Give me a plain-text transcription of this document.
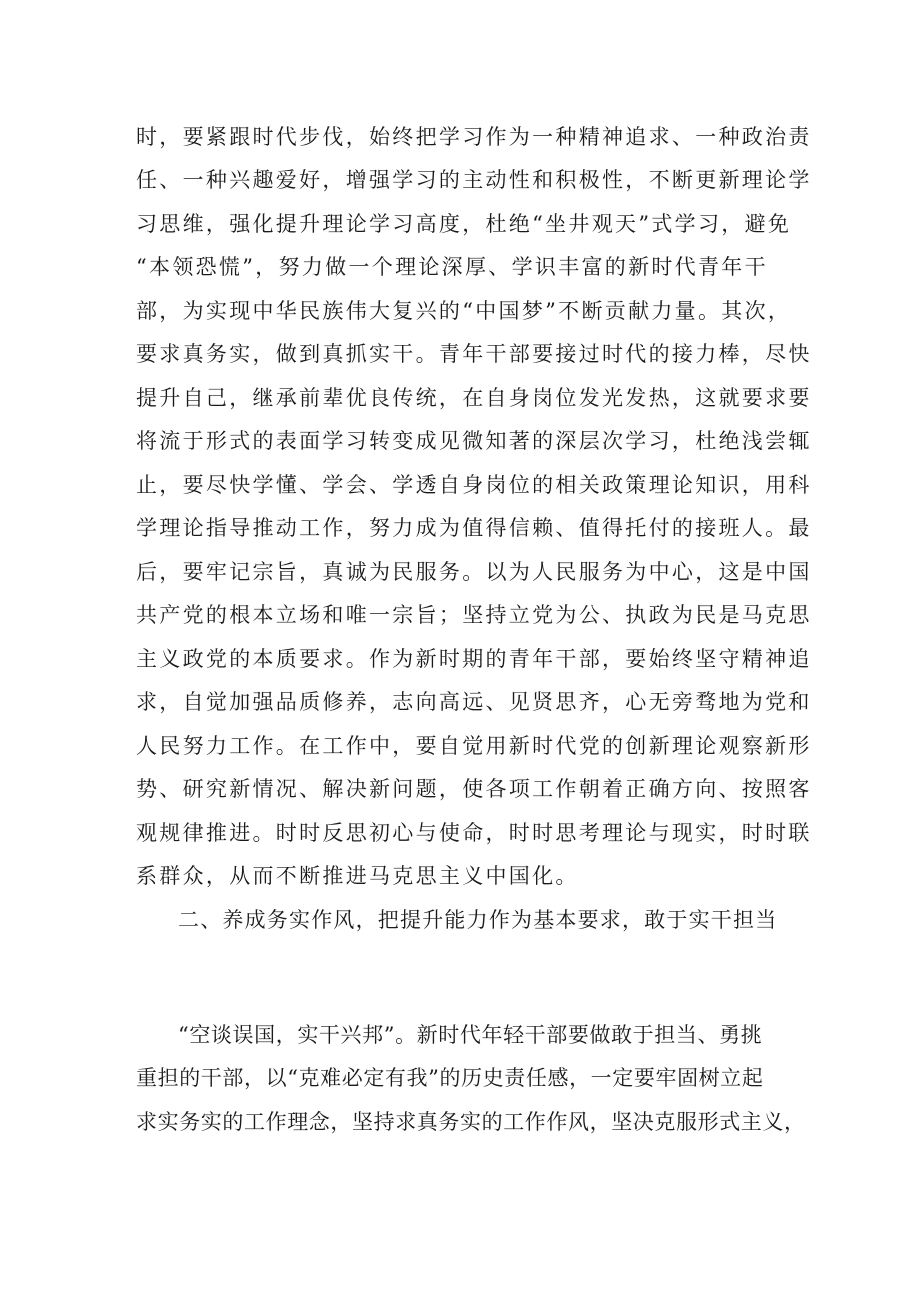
时，要紧跟时代步伐，始终把学习作为一种精神追求、一种政治责
任、一种兴趣爱好，增强学习的主动性和积极性，不断更新理论学
习思维，强化提升理论学习高度，杜绝“坐井观天”式学习，避免
“本领恐慌”，努力做一个理论深厚、学识丰富的新时代青年干
部，为实现中华民族伟大复兴的“中国梦”不断贡献力量。其次，
要求真务实，做到真抓实干。青年干部要接过时代的接力棒，尽快
提升自己，继承前辈优良传统，在自身岗位发光发热，这就要求要
将流于形式的表面学习转变成见微知著的深层次学习，杜绝浅尝辄
止，要尽快学懂、学会、学透自身岗位的相关政策理论知识，用科
学理论指导推动工作，努力成为值得信赖、值得托付的接班人。最
后，要牢记宗旨，真诚为民服务。以为人民服务为中心，这是中国
共产党的根本立场和唯一宗旨；坚持立党为公、执政为民是马克思
主义政党的本质要求。作为新时期的青年干部，要始终坚守精神追
求，自觉加强品质修养，志向高远、见贤思齐，心无旁骛地为党和
人民努力工作。在工作中，要自觉用新时代党的创新理论观察新形
势、研究新情况、解决新问题，使各项工作朝着正确方向、按照客
观规律推进。时时反思初心与使命，时时思考理论与现实，时时联
系群众，从而不断推进马克思主义中国化。
二、养成务实作风，把提升能力作为基本要求，敢于实干担当
“空谈误国，实干兴邦”。新时代年轻干部要做敢于担当、勇挑
重担的干部，以“克难必定有我”的历史责任感，一定要牢固树立起
求实务实的工作理念，坚持求真务实的工作作风，坚决克服形式主义，
